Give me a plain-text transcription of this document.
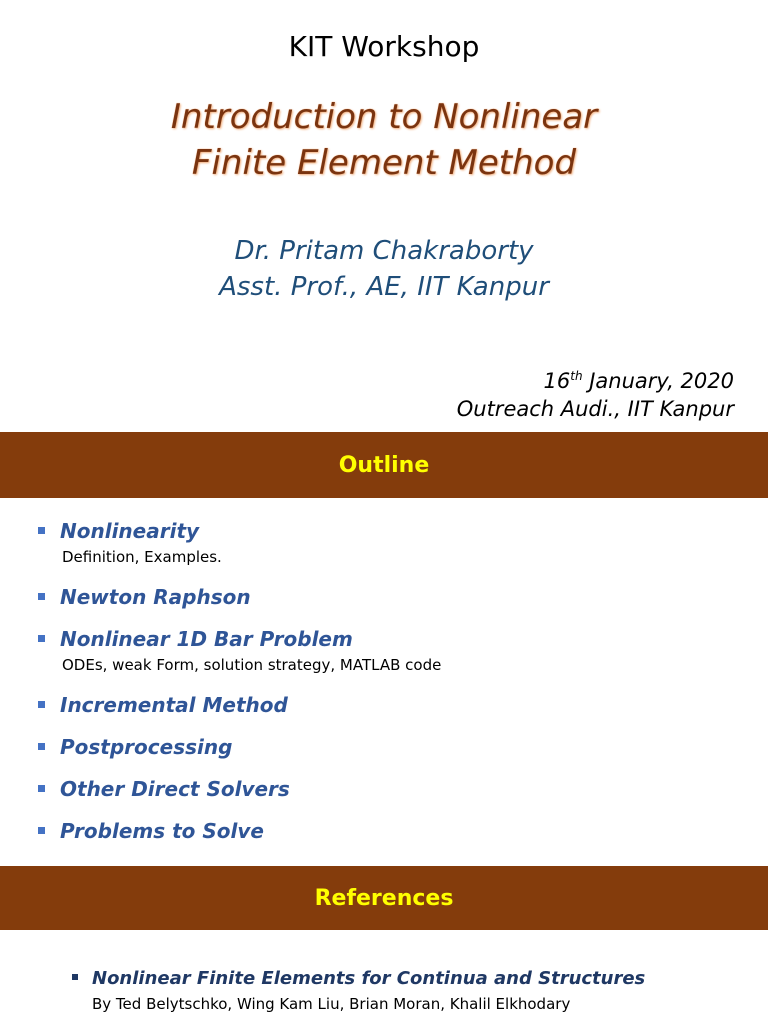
KIT Workshop
Introduction to Nonlinear
Finite Element Method
Dr. Pritam Chakraborty
Asst. Prof., AE, IIT Kanpur
16th January, 2020
Outreach Audi., IIT Kanpur
Outline
Nonlinearity
Definition, Examples.
Newton Raphson
Nonlinear 1D Bar Problem
ODEs, weak Form, solution strategy, MATLAB code
Incremental Method
Postprocessing
Other Direct Solvers
Problems to Solve
References
Nonlinear Finite Elements for Continua and Structures
By Ted Belytschko, Wing Kam Liu, Brian Moran, Khalil Elkhodary
